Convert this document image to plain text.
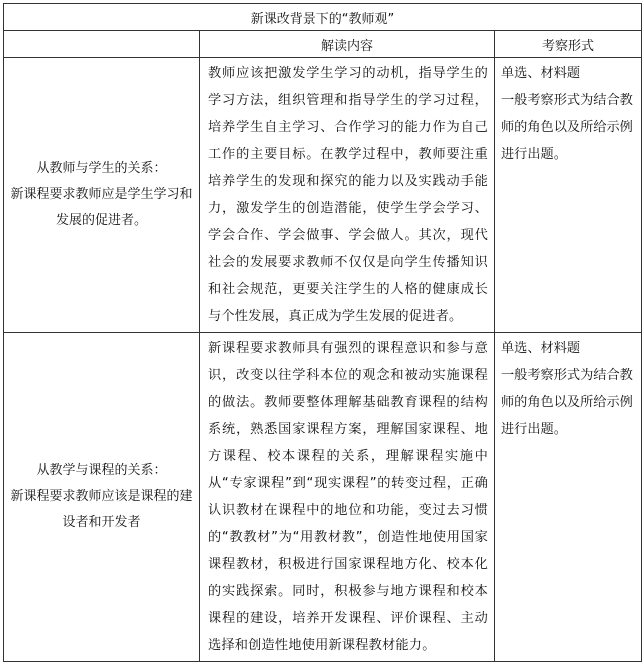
新课改背景下的“教师观”		
	解读内容	考察形式

从教师与学生的关系：
新课程要求教师应是学生学习和发展的促进者。	教师应该把激发学生学习的动机，指导学生的学习方法，组织管理和指导学生的学习过程，培养学生自主学习、合作学习的能力作为自己工作的主要目标。在教学过程中，教师要注重培养学生的发现和探究的能力以及实践动手能力，激发学生的创造潜能，使学生学会学习、学会合作、学会做事、学会做人。其次，现代社会的发展要求教师不仅仅是向学生传播知识和社会规范，更要关注学生的人格的健康成长与个性发展，真正成为学生发展的促进者。	单选、材料题
一般考察形式为结合教师的角色以及所给示例进行出题。

从教学与课程的关系：
新课程要求教师应该是课程的建设者和开发者	新课程要求教师具有强烈的课程意识和参与意识，改变以往学科本位的观念和被动实施课程的做法。教师要整体理解基础教育课程的结构系统，熟悉国家课程方案，理解国家课程、地方课程、校本课程的关系，理解课程实施中从“专家课程”到“现实课程”的转变过程，正确认识教材在课程中的地位和功能，变过去习惯的“教教材”为“用教材教”，创造性地使用国家课程教材，积极进行国家课程地方化、校本化的实践探索。同时，积极参与地方课程和校本课程的建设，培养开发课程、评价课程、主动选择和创造性地使用新课程教材能力。	单选、材料题
一般考察形式为结合教师的角色以及所给示例进行出题。
